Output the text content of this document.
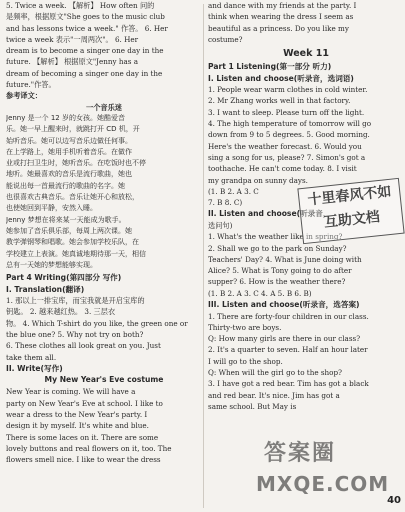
5. Twice a week. 【解析】 How often 问的
是频率，根据原文"She goes to the music club
and has lessons twice a week." 作答。 6. Her
twice a week 表示"一周两次"。 6. Her
dream is to become a singer one day in the
future. 【解析】 根据原文"Jenny has a
dream of becoming a singer one day in the
future."作答。
参考译文：
一个音乐迷
Jenny 是一个 12 岁的女孩。她酷爱音
乐。她一早上醒来时，就跳打开 CD 机，开
始听音乐。她可以边写音乐边做任何事。
在上学路上，她用手机听着音乐。在做作
业或打扫卫生时，她听音乐。在吃饭时也不停
地听。她最喜欢的音乐是流行歌曲，她也
能说出每一首最流行的歌曲的名字。她
也很喜欢古典音乐。音乐让她开心和放松，
也使她回到平静，安然入睡。
Jenny 梦想在将来某一天能成为歌手。
她参加了音乐俱乐部，每周上两次课。她
教学弹钢琴和唱歌。她会参加学校乐队，在
学校建立上表演。她真诚地期待那一天，相信
总有一天她的梦想能够实现。
Part 4 Writing(第四部分 写作)
I. Translation(翻译)
1. 那以上一排宝库，而宝我就是开启宝库的
钥匙。 2. 越来越红热。 3. 三层衣
物。 4. Which T-shirt do you like, the green one or
the blue one? 5. Why not try on both?
6. These clothes all look great on you. Just
take them all.
II. Write(写作)
My New Year's Eve costume
New Year is coming. We will have a
party on New Year's Eve at school. I like to
wear a dress to the New Year's party. I
design it by myself. It's white and blue.
There is some laces on it. There are some
lovely buttons and real flowers on it, too. The
flowers smell nice. I like to wear the dress
and dance with my friends at the party. I
think when wearing the dress I seem as
beautiful as a princess. Do you like my
costume?
Week 11
Part 1 Listening(第一部分 听力)
I. Listen and choose(听录音，选词语)
1. People wear warm clothes in cold winter.
2. Mr Zhang works well in that factory.
3. I want to sleep. Please turn off the light.
4. The high temperature of tomorrow will go
down from 9 to 5 degrees. 5. Good morning.
Here's the weather forecast. 6. Would you
sing a song for us, please? 7. Simon's got a
toothache. He can't come today. 8. I visit
my grandpa on sunny days.
(1. B 2. A 3. C
7. B 8. C)
II. Listen and choose(听录音，
选问句)
1. What's the weather like in spring?
2. Shall we go to the park on Sunday?
Teachers' Day? 4. What is June doing with
Alice? 5. What is Tony going to do after
supper? 6. How is the weather there?
(1. B 2. A 3. C 4. A 5. B 6. B)
III. Listen and choose(听录音，选答案)
1. There are forty-four children in our class.
Thirty-two are boys.
Q: How many girls are there in our class?
2. It's a quarter to seven. Half an hour later
I will go to the shop.
Q: When will the girl go to the shop?
3. I have got a red bear. Tim has got a black
and red bear. It's nice. Jim has got a
same school. But May is
十里春风不如
互助文档
答案圈
MXQE.COM
40
